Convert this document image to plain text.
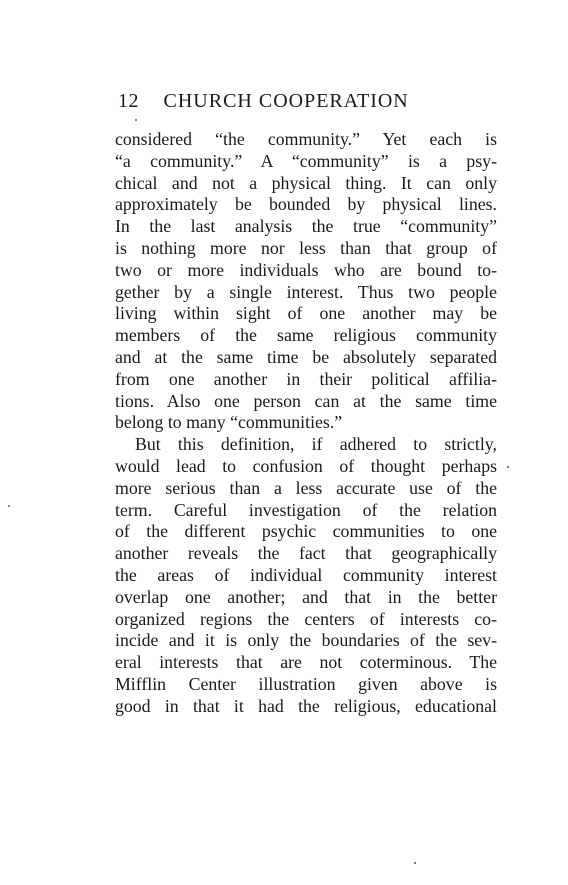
12 CHURCH COOPERATION
considered “the community.” Yet each is
“a community.” A “community” is a psy-
chical and not a physical thing. It can only
approximately be bounded by physical lines.
In the last analysis the true “community”
is nothing more nor less than that group of
two or more individuals who are bound to-
gether by a single interest. Thus two people
living within sight of one another may be
members of the same religious community
and at the same time be absolutely separated
from one another in their political affilia-
tions. Also one person can at the same time
belong to many “communities.”
But this definition, if adhered to strictly,
would lead to confusion of thought perhaps
more serious than a less accurate use of the
term. Careful investigation of the relation
of the different psychic communities to one
another reveals the fact that geographically
the areas of individual community interest
overlap one another; and that in the better
organized regions the centers of interests co-
incide and it is only the boundaries of the sev-
eral interests that are not coterminous. The
Mifflin Center illustration given above is
good in that it had the religious, educational
